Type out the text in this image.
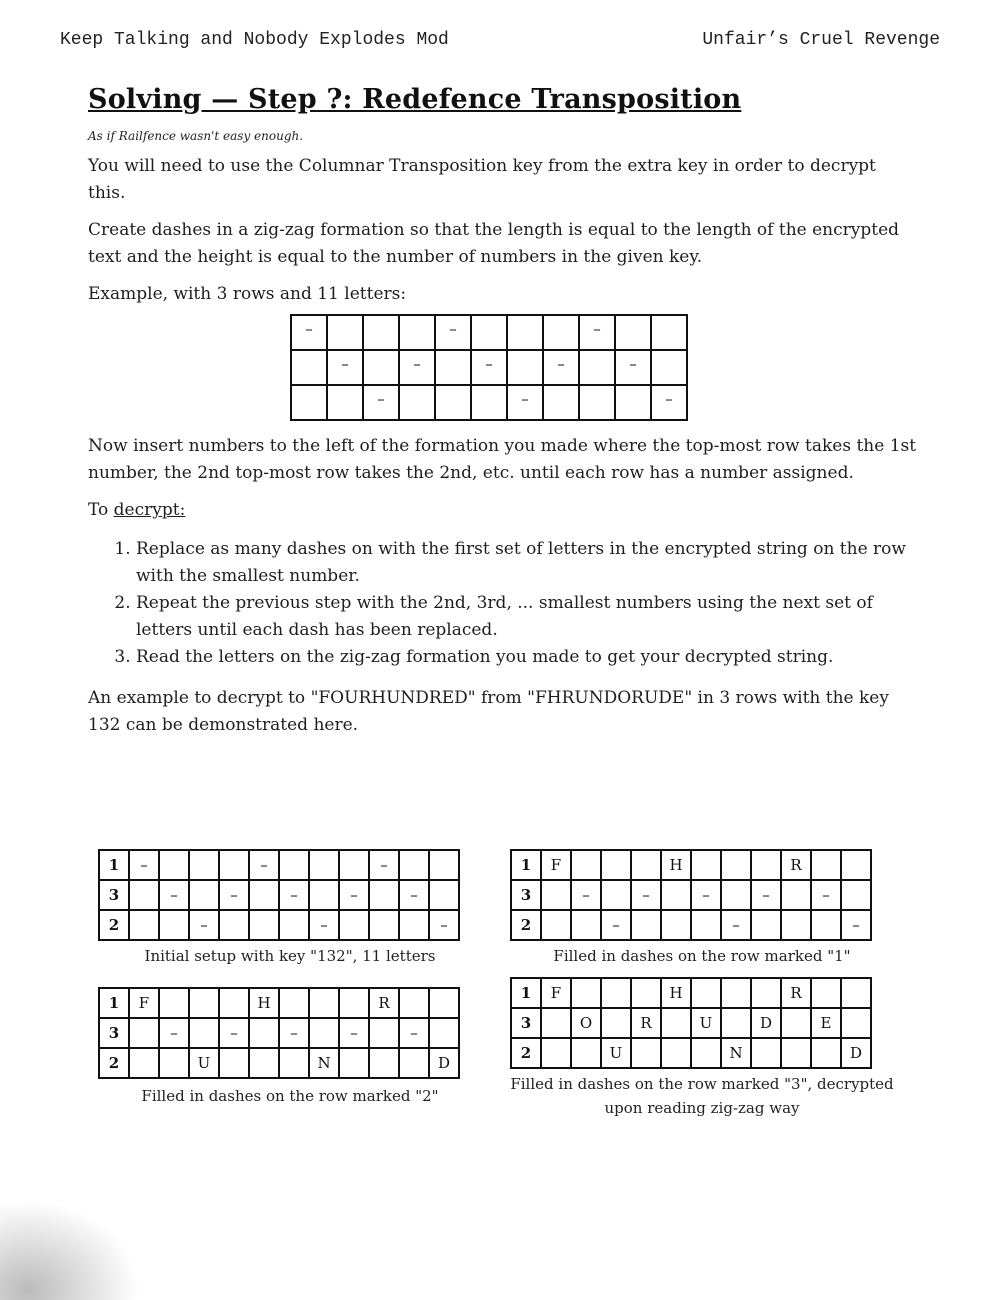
Keep Talking and Nobody Explodes Mod	Unfair’s Cruel Revenge
Solving — Step ?: Redefence Transposition
As if Railfence wasn't easy enough.

You will need to use the Columnar Transposition key from the extra key in order to decrypt this.

Create dashes in a zig-zag formation so that the length is equal to the length of the encrypted text and the height is equal to the number of numbers in the given key.

Example, with 3 rows and 11 letters:

–				–				–		
	–		–		–		–		–	
		–				–				–

Now insert numbers to the left of the formation you made where the top-most row takes the 1st number, the 2nd top-most row takes the 2nd, etc. until each row has a number assigned.

To decrypt:

1. Replace as many dashes on with the first set of letters in the encrypted string on the row with the smallest number.
2. Repeat the previous step with the 2nd, 3rd, ... smallest numbers using the next set of letters until each dash has been replaced.
3. Read the letters on the zig-zag formation you made to get your decrypted string.

An example to decrypt to "FOURHUNDRED" from "FHRUNDORUDE" in 3 rows with the key 132 can be demonstrated here.

1	–				–				–		
3		–		–		–		–		–	
2			–				–				–
Initial setup with key "132", 11 letters
1	F				H				R		
3		–		–		–		–		–	
2			–				–				–
Filled in dashes on the row marked "1"
1	F				H				R		
3		–		–		–		–		–	
2			U				N				D
Filled in dashes on the row marked "2"
1	F				H				R		
3		O		R		U		D		E	
2			U				N				D
Filled in dashes on the row marked "3", decrypted upon reading zig-zag way
